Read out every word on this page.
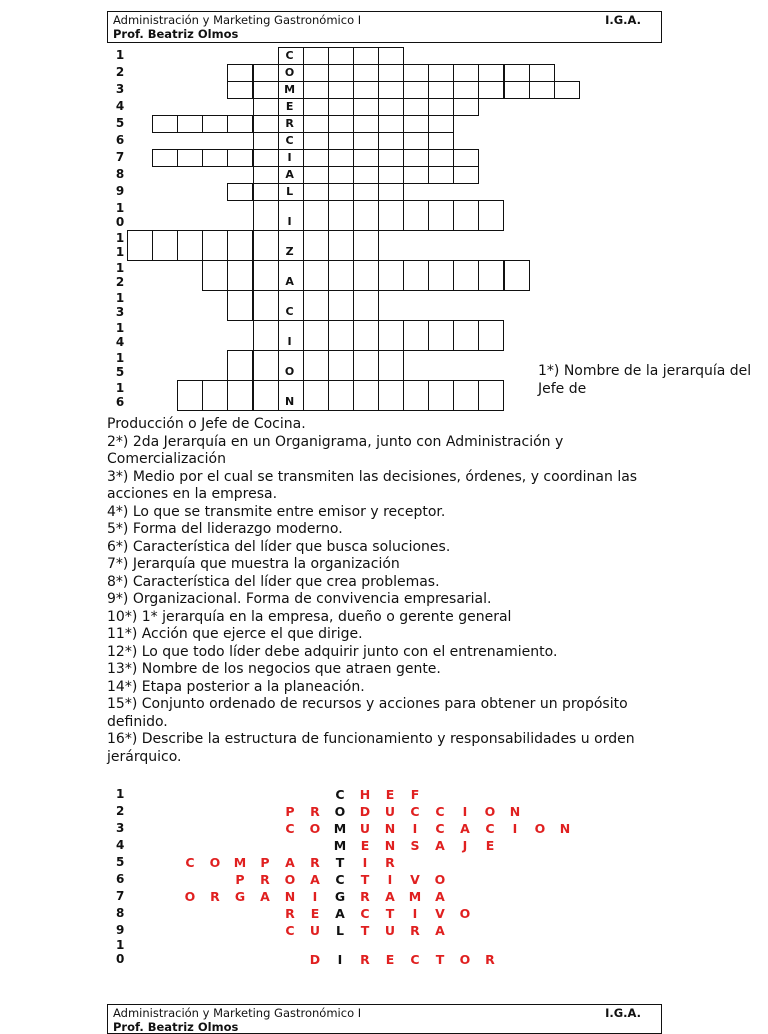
Administración y Marketing Gastronómico I	I.G.A.
Prof. Beatriz Olmos
1	C
2	O
3	M
4	E
5	R
6	C
7	I
8	A
9	L
1
0	I
1
1	Z
1
2	A
1
3	C
1
4	I
1
5	O
1
6	N
1*) Nombre de la jerarquía del Jefe de

Producción o Jefe de Cocina.

2*) 2da Jerarquía en un Organigrama, junto con Administración y Comercialización

3*) Medio por el cual se transmiten las decisiones, órdenes, y coordinan las acciones en la empresa.

4*) Lo que se transmite entre emisor y receptor.

5*) Forma del liderazgo moderno.

6*) Característica del líder que busca soluciones.

7*) Jerarquía que muestra la organización

8*) Característica del líder que crea problemas.

9*) Organizacional. Forma de convivencia empresarial.

10*) 1* jerarquía en la empresa, dueño o gerente general

11*) Acción que ejerce el que dirige.

12*) Lo que todo líder debe adquirir junto con el entrenamiento.

13*) Nombre de los negocios que atraen gente.

14*) Etapa posterior a la planeación.

15*) Conjunto ordenado de recursos y acciones para obtener un propósito definido.

16*) Describe la estructura de funcionamiento y responsabilidades u orden jerárquico.

1	C H E F
2	P R O D U C C	I	O N
3	C O M U N	I	C A C	I	O N
4	M E N S A	J	E
5	C O M P A R T	I	R
6	P R O A C T	I	V O
7	O R G A N	I	G R A M A
8	R E A C T	I	V O
9	C U L T U R A
1
0	D	I	R E C T O R
Administración y Marketing Gastronómico I	I.G.A.
Prof. Beatriz Olmos
